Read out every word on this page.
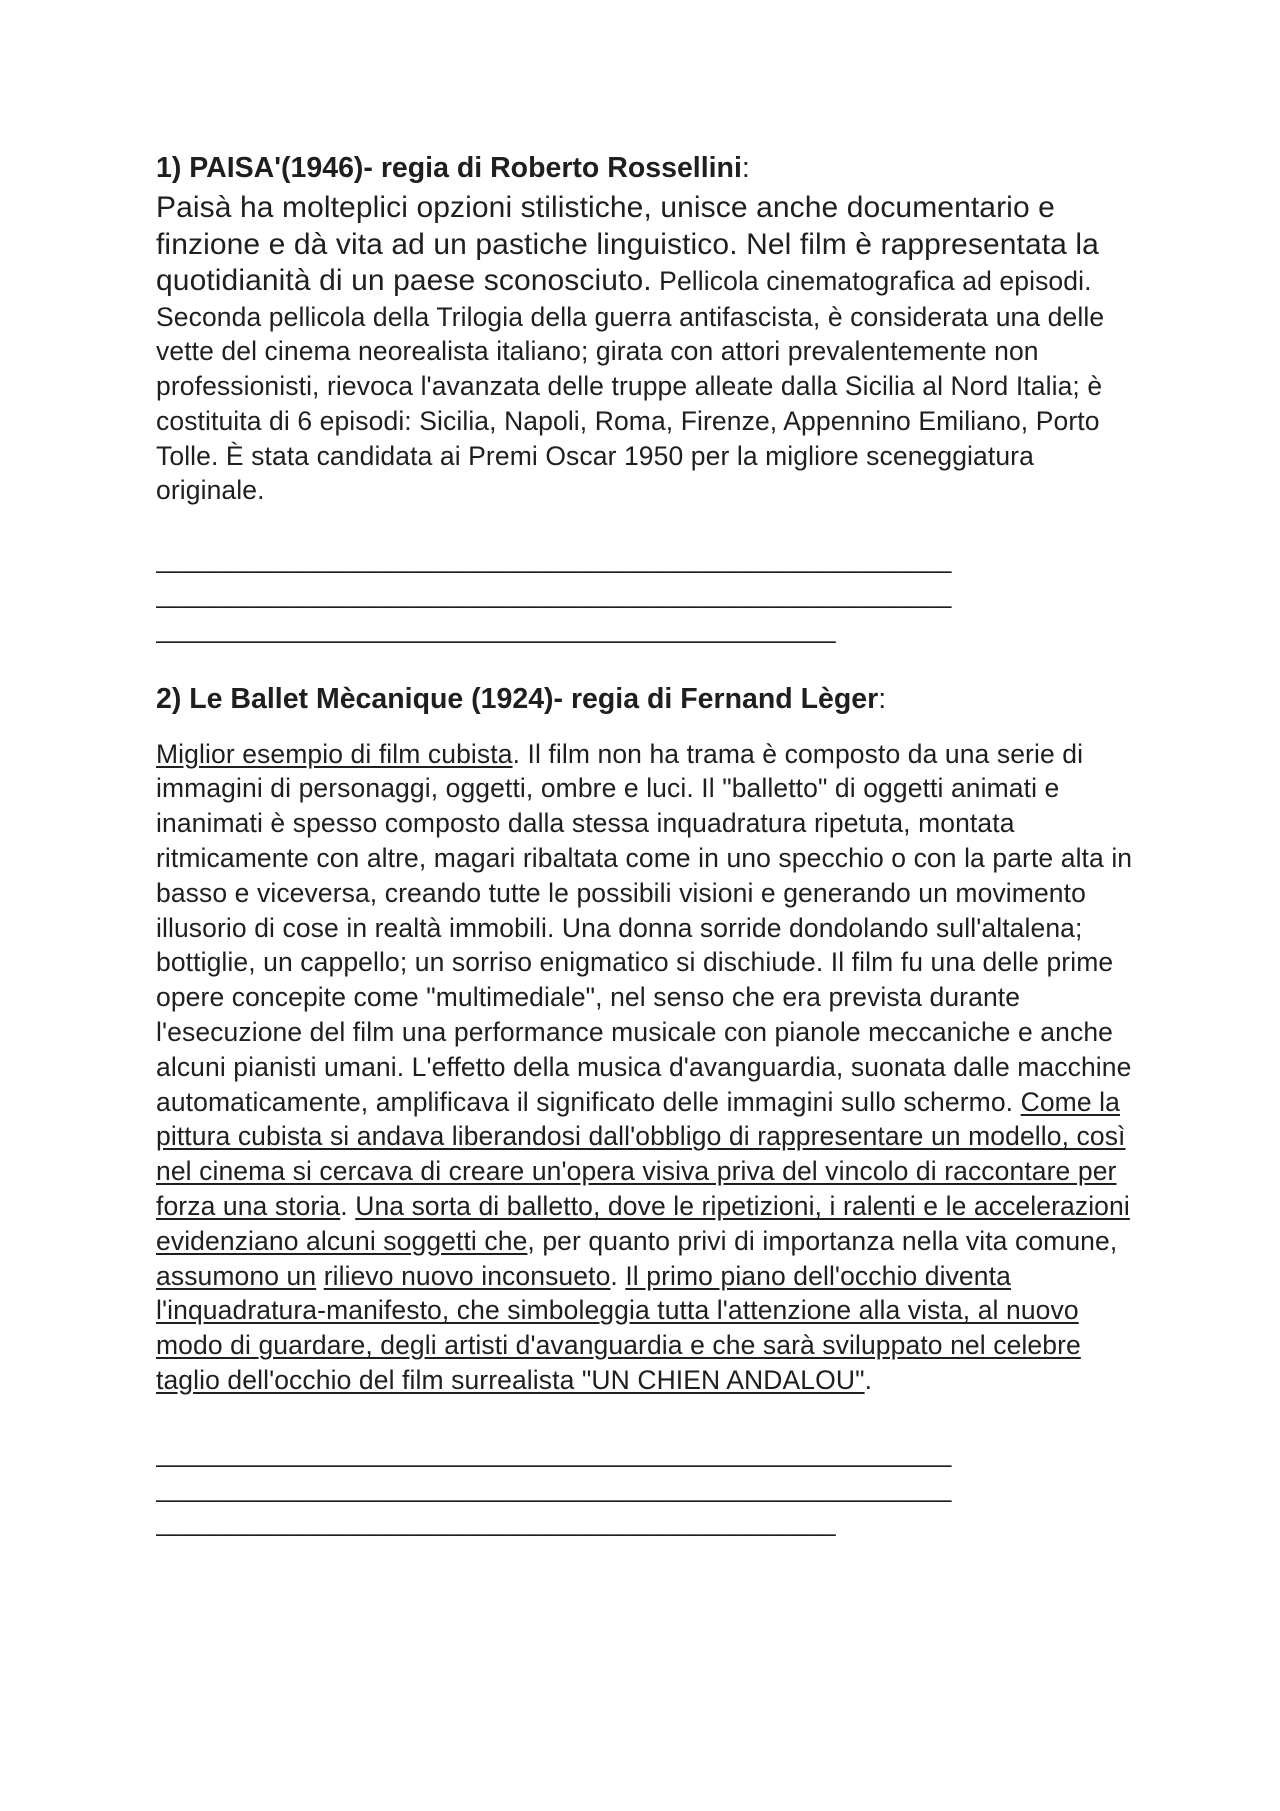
1) PAISA'(1946)- regia di Roberto Rossellini:

Paisà ha molteplici opzioni stilistiche, unisce anche documentario e finzione e dà vita ad un pastiche linguistico. Nel film è rappresentata la quotidianità di un paese sconosciuto. Pellicola cinematografica ad episodi. Seconda pellicola della Trilogia della guerra antifascista, è considerata una delle vette del cinema neorealista italiano; girata con attori prevalentemente non professionisti, rievoca l'avanzata delle truppe alleate dalla Sicilia al Nord Italia; è costituita di 6 episodi: Sicilia, Napoli, Roma, Firenze, Appennino Emiliano, Porto Tolle. È stata candidata ai Premi Oscar 1950 per la migliore sceneggiatura originale.

_______________________________________________________
_______________________________________________________
_______________________________________________

2) Le Ballet Mècanique (1924)- regia di Fernand Lèger:

Miglior esempio di film cubista. Il film non ha trama è composto da una serie di immagini di personaggi, oggetti, ombre e luci. Il "balletto" di oggetti animati e inanimati è spesso composto dalla stessa inquadratura ripetuta, montata ritmicamente con altre, magari ribaltata come in uno specchio o con la parte alta in basso e viceversa, creando tutte le possibili visioni e generando un movimento illusorio di cose in realtà immobili. Una donna sorride dondolando sull'altalena; bottiglie, un cappello; un sorriso enigmatico si dischiude. Il film fu una delle prime opere concepite come "multimediale", nel senso che era prevista durante l'esecuzione del film una performance musicale con pianole meccaniche e anche alcuni pianisti umani. L'effetto della musica d'avanguardia, suonata dalle macchine automaticamente, amplificava il significato delle immagini sullo schermo. Come la pittura cubista si andava liberandosi dall'obbligo di rappresentare un modello, così nel cinema si cercava di creare un'opera visiva priva del vincolo di raccontare per forza una storia. Una sorta di balletto, dove le ripetizioni, i ralenti e le accelerazioni evidenziano alcuni soggetti che, per quanto privi di importanza nella vita comune, assumono un rilievo nuovo inconsueto. Il primo piano dell'occhio diventa l'inquadratura-manifesto, che simboleggia tutta l'attenzione alla vista, al nuovo modo di guardare, degli artisti d'avanguardia e che sarà sviluppato nel celebre taglio dell'occhio del film surrealista "UN CHIEN ANDALOU".

_______________________________________________________
_______________________________________________________
_______________________________________________
